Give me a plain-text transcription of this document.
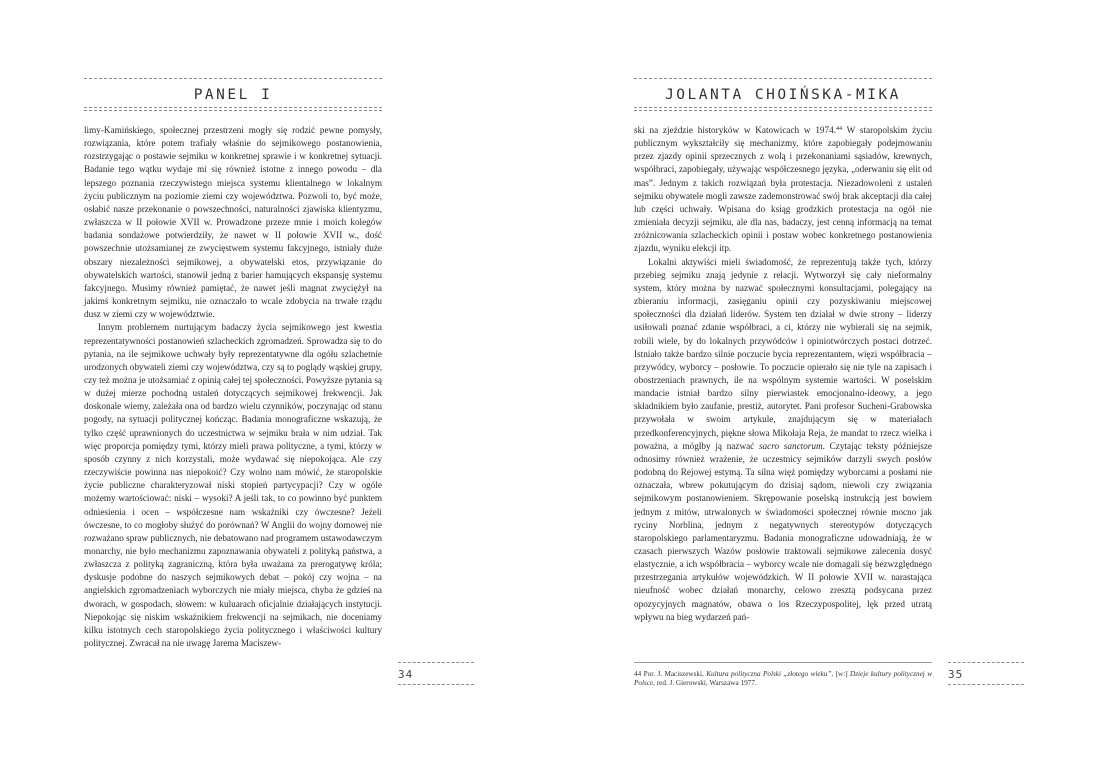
PANEL I

limy-Kamińskiego, społecznej przestrzeni mogły się rodzić pewne pomysły, rozwiązania, które potem trafiały właśnie do sejmikowego postanowienia, rozstrzygając o postawie sejmiku w konkretnej sprawie i w konkretnej sytuacji. Badanie tego wątku wydaje mi się również istotne z innego powodu – dla lepszego poznania rzeczywistego miejsca systemu klientalnego w lokalnym życiu publicznym na poziomie ziemi czy województwa. Pozwoli to, być może, osłabić nasze przekonanie o powszechności, naturalności zjawiska klientyzmu, zwłaszcza w II połowie XVII w. Prowadzone przeze mnie i moich kolegów badania sondażowe potwierdziły, że nawet w II połowie XVII w., dość powszechnie utożsamianej ze zwycięstwem systemu fakcyjnego, istniały duże obszary niezależności sejmikowej, a obywatelski etos, przywiązanie do obywatelskich wartości, stanowił jedną z barier hamujących ekspansję systemu fakcyjnego. Musimy również pamiętać, że nawet jeśli magnat zwyciężył na jakimś konkretnym sejmiku, nie oznaczało to wcale zdobycia na trwałe rządu dusz w ziemi czy w województwie.

Innym problemem nurtującym badaczy życia sejmikowego jest kwestia reprezentatywności postanowień szlacheckich zgromadzeń. Sprowadza się to do pytania, na ile sejmikowe uchwały były reprezentatywne dla ogółu szlachetnie urodzonych obywateli ziemi czy województwa, czy są to poglądy wąskiej grupy, czy też można je utożsamiać z opinią całej tej społeczności. Powyższe pytania są w dużej mierze pochodną ustaleń dotyczących sejmikowej frekwencji. Jak doskonale wiemy, zależała ona od bardzo wielu czynników, poczynając od stanu pogody, na sytuacji politycznej kończąc. Badania monograficzne wskazują, że tylko część uprawnionych do uczestnictwa w sejmiku brała w nim udział. Tak więc proporcja pomiędzy tymi, którzy mieli prawa polityczne, a tymi, którzy w sposób czynny z nich korzystali, może wydawać się niepokojąca. Ale czy rzeczywiście powinna nas niepokoić? Czy wolno nam mówić, że staropolskie życie publiczne charakteryzował niski stopień partycypacji? Czy w ogóle możemy wartościować: niski – wysoki? A jeśli tak, to co powinno być punktem odniesienia i ocen – współczesne nam wskaźniki czy ówczesne? Jeżeli ówczesne, to co mogłoby służyć do porównań? W Anglii do wojny domowej nie rozważano spraw publicznych, nie debatowano nad programem ustawodawczym monarchy, nie było mechanizmu zapoznawania obywateli z polityką państwa, a zwłaszcza z polityką zagraniczną, która była uważana za prerogatywę króla; dyskusje podobne do naszych sejmikowych debat – pokój czy wojna – na angielskich zgromadzeniach wyborczych nie miały miejsca, chyba że gdzieś na dworach, w gospodach, słowem: w kuluarach oficjalnie działających instytucji. Niepokojąc się niskim wskaźnikiem frekwencji na sejmikach, nie doceniamy kilku istotnych cech staropolskiego życia politycznego i właściwości kultury politycznej. Zwracał na nie uwagę Jarema Maciszew-

34
JOLANTA CHOIŃSKA-MIKA

ski na zjeździe historyków w Katowicach w 1974.44 W staropolskim życiu publicznym wykształciły się mechanizmy, które zapobiegały podejmowaniu przez zjazdy opinii sprzecznych z wolą i przekonaniami sąsiadów, krewnych, współbraci, zapobiegały, używając współczesnego języka, „oderwaniu się elit od mas”. Jednym z takich rozwiązań była protestacja. Niezadowoleni z ustaleń sejmiku obywatele mogli zawsze zademonstrować swój brak akceptacji dla całej lub części uchwały. Wpisana do ksiąg grodzkich protestacja na ogół nie zmieniała decyzji sejmiku, ale dla nas, badaczy, jest cenną informacją na temat zróżnicowania szlacheckich opinii i postaw wobec konkretnego postanowienia zjazdu, wyniku elekcji itp.

Lokalni aktywiści mieli świadomość, że reprezentują także tych, którzy przebieg sejmiku znają jedynie z relacji. Wytworzył się cały nieformalny system, który można by nazwać społecznymi konsultacjami, polegający na zbieraniu informacji, zasięganiu opinii czy pozyskiwaniu miejscowej społeczności dla działań liderów. System ten działał w dwie strony – liderzy usiłowali poznać zdanie współbraci, a ci, którzy nie wybierali się na sejmik, robili wiele, by do lokalnych przywódców i opiniotwórczych postaci dotrzeć. Istniało także bardzo silnie poczucie bycia reprezentantem, więzi współbracia – przywódcy, wyborcy – posłowie. To poczucie opierało się nie tyle na zapisach i obostrzeniach prawnych, ile na wspólnym systemie wartości. W poselskim mandacie istniał bardzo silny pierwiastek emocjonalno-ideowy, a jego składnikiem było zaufanie, prestiż, autorytet. Pani profesor Sucheni-Grabowska przywołała w swoim artykule, znajdującym się w materiałach przedkonferencyjnych, piękne słowa Mikołaja Reja, że mandat to rzecz wielka i poważna, a mógłby ją nazwać sacro sanctorum. Czytając teksty późniejsze odnosimy również wrażenie, że uczestnicy sejmików darzyli swych posłów podobną do Rejowej estymą. Ta silna więź pomiędzy wyborcami a posłami nie oznaczała, wbrew pokutującym do dzisiaj sądom, niewoli czy związania sejmikowym postanowieniem. Skrępowanie poselską instrukcją jest bowiem jednym z mitów, utrwalonych w świadomości społecznej równie mocno jak ryciny Norblina, jednym z negatywnych stereotypów dotyczących staropolskiego parlamentaryzmu. Badania monograficzne udowadniają, że w czasach pierwszych Wazów posłowie traktowali sejmikowe zalecenia dosyć elastycznie, a ich współbracia – wyborcy wcale nie domagali się bezwzględnego przestrzegania artykułów wojewódzkich. W II połowie XVII w. narastająca nieufność wobec działań monarchy, celowo zresztą podsycana przez opozycyjnych magnatów, obawa o los Rzeczypospolitej, lęk przed utratą wpływu na bieg wydarzeń pań-

44 Por. J. Maciszewski, Kultura polityczna Polski „złotego wieku”, [w:] Dzieje kultury politycznej w Polsce, red. J. Gierowski, Warszawa 1977.
35
